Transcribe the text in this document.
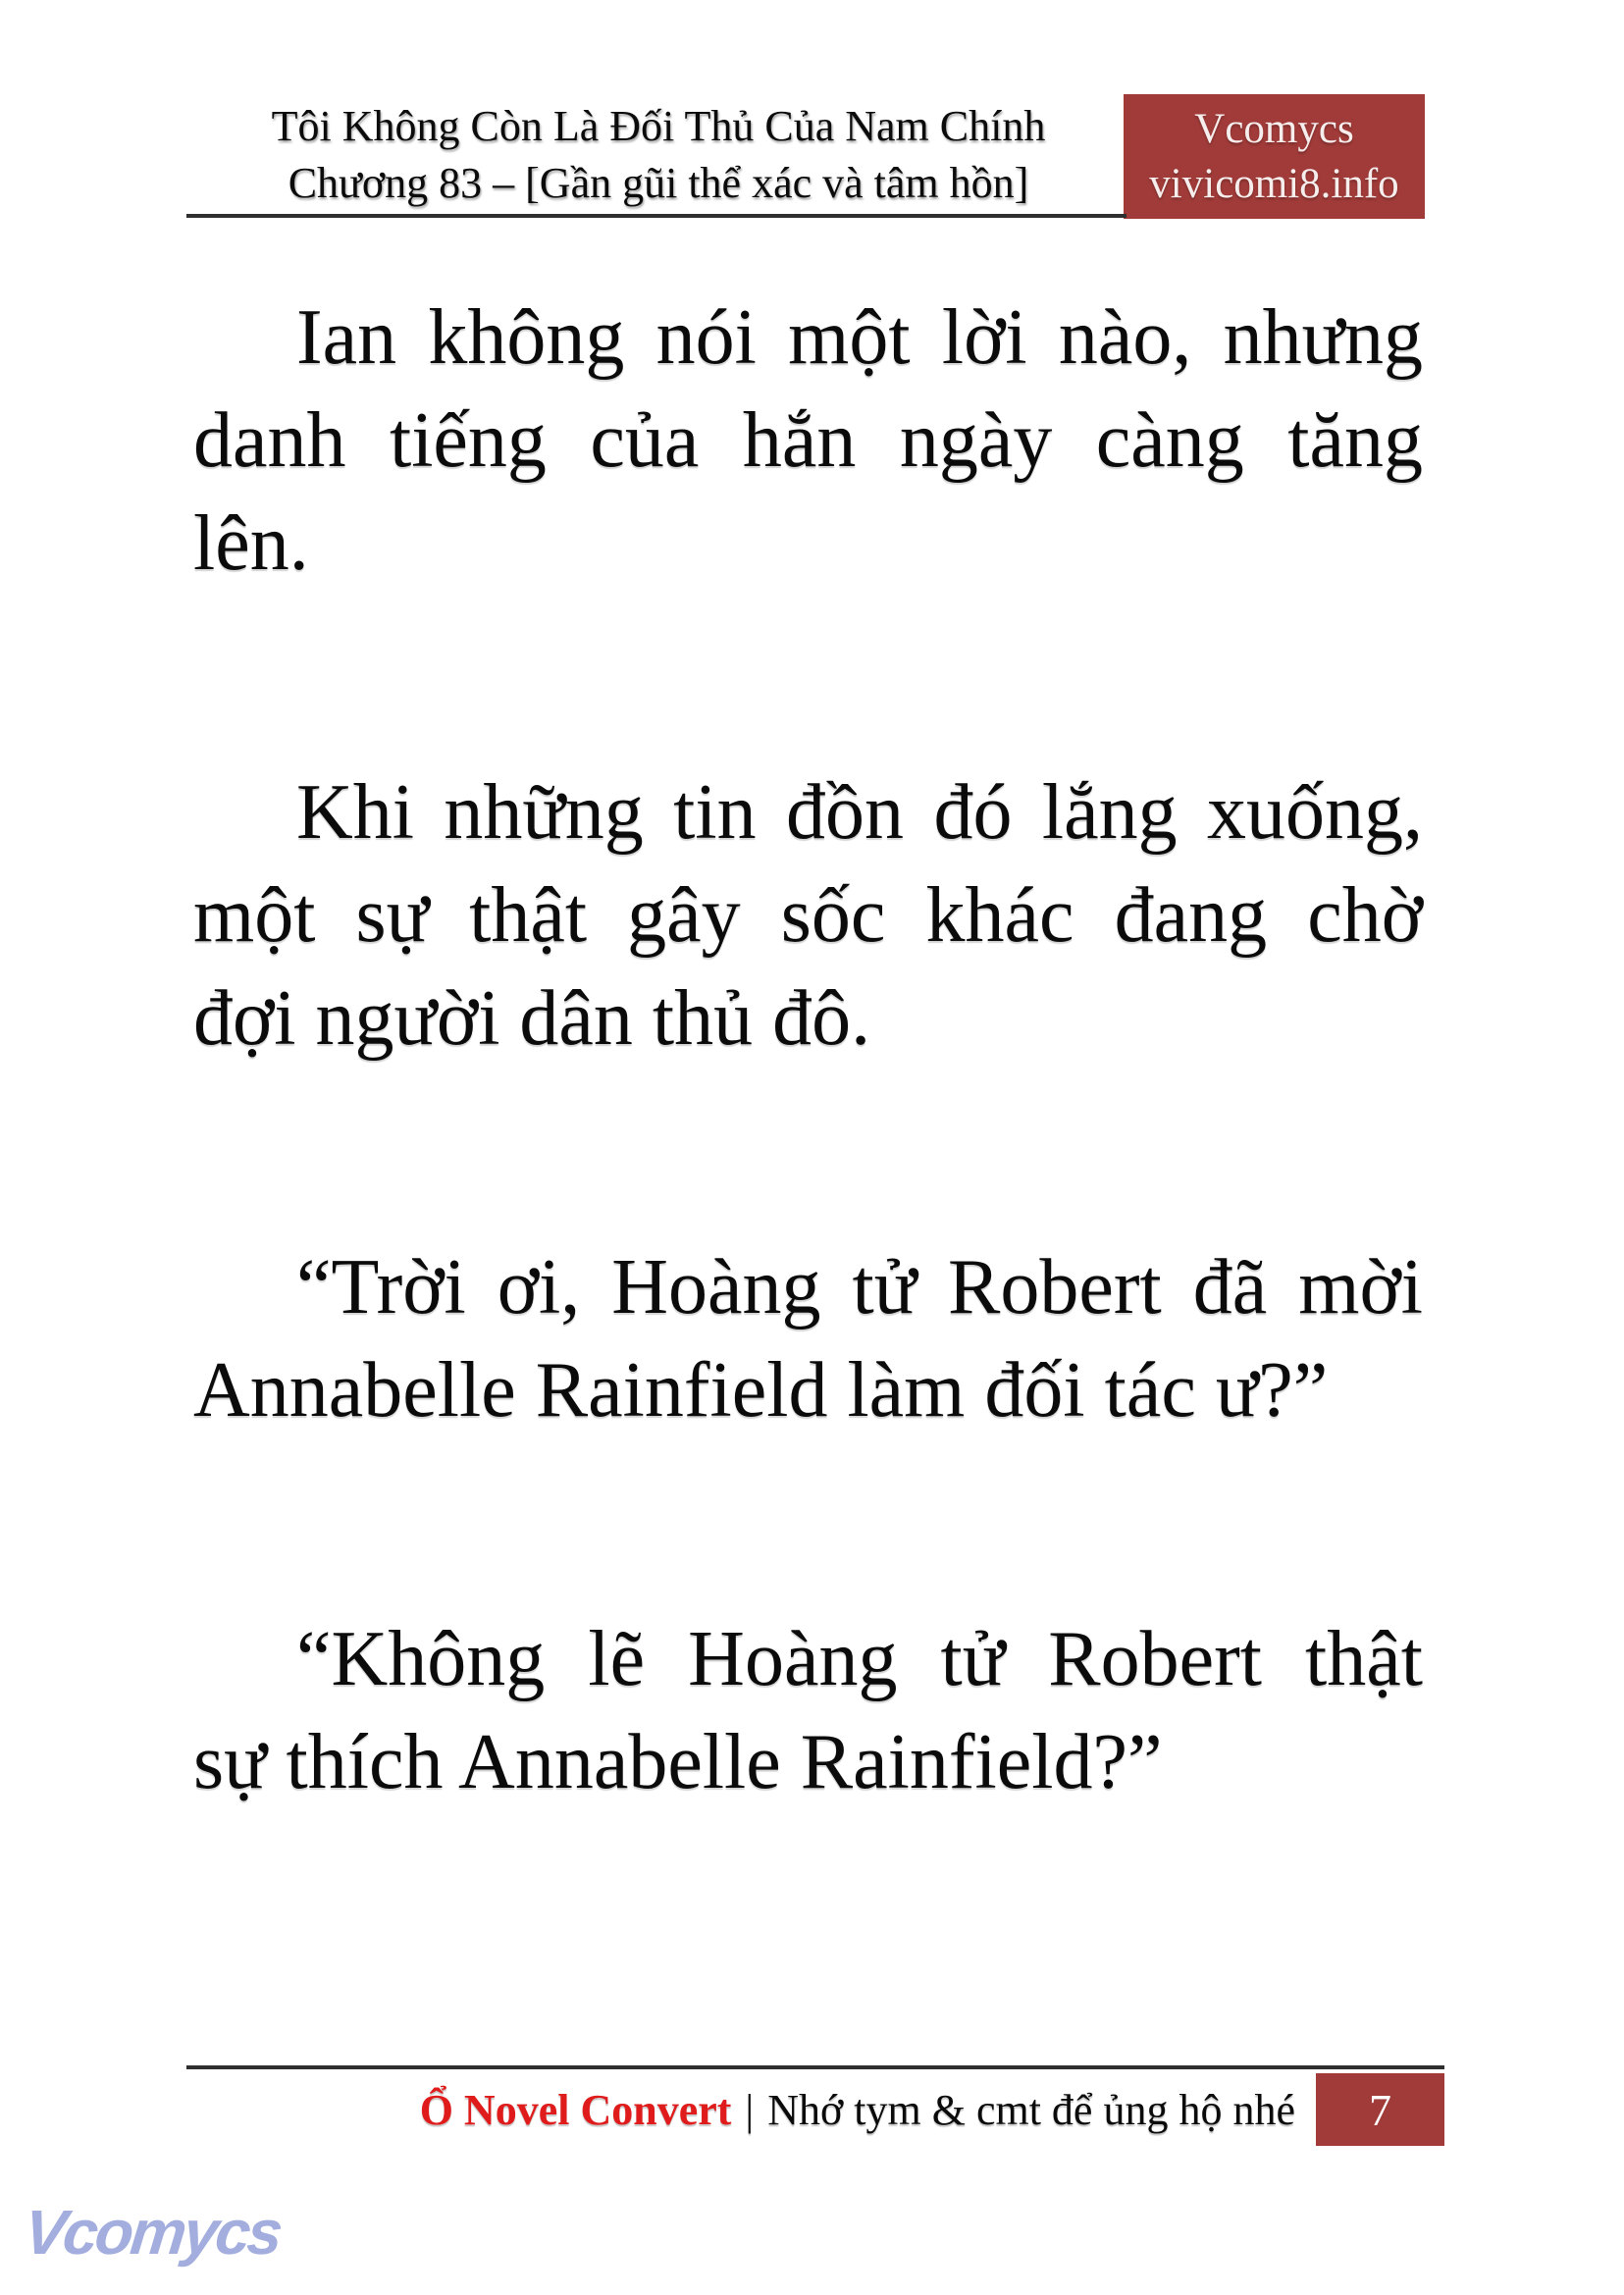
Tôi Không Còn Là Đối Thủ Của Nam Chính
Chương 83 – [Gần gũi thể xác và tâm hồn]
Vcomycs
vivicomi8.info

Ian không nói một lời nào, nhưng
danh tiếng của hắn ngày càng tăng
lên.

Khi những tin đồn đó lắng xuống,
một sự thật gây sốc khác đang chờ
đợi người dân thủ đô.

“Trời ơi, Hoàng tử Robert đã mời
Annabelle Rainfield làm đối tác ư?”

“Không lẽ Hoàng tử Robert thật
sự thích Annabelle Rainfield?”

Ổ Novel Convert | Nhớ tym & cmt để ủng hộ nhé 7
Vcomycs
